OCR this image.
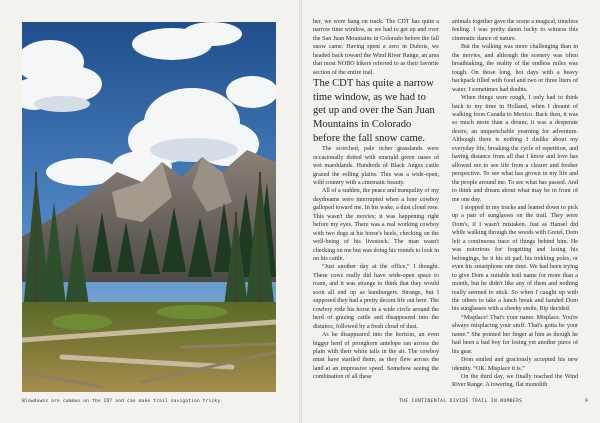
Blowdowns are common on the CDT and can make trail navigation tricky.

her, we were bang on track. The CDT has quite a narrow time window, as we had to get up and over the San Juan Mountains in Colorado before the fall snow came. Having spent a zero in Dubois, we headed back toward the Wind River Range, an area that most NOBO hikers referred to as their favorite section of the entire trail.

The CDT has quite a narrow time window, as we had to get up and over the San Juan Mountains in Colorado before the fall snow came.

The scorched, pale ocher grasslands were occasionally dotted with emerald green oases of wet marshlands. Hundreds of Black Angus cattle grazed the rolling plains. This was a wide-open, wild country with a cinematic beauty.

All of a sudden, the peace and tranquility of my daydreams were interrupted when a lone cowboy galloped toward me. In his wake, a dust cloud rose. This wasn't the movies; it was happening right before my eyes. There was a real working cowboy with two dogs at his horse's heels, checking on the well-being of his livestock. The man wasn't checking on me but was doing his rounds to look in on his cattle.

“Just another day at the office,” I thought. These cows really did have wide-open space to roam, and it was strange to think that they would soon all end up as hamburgers. Strange, but I supposed they had a pretty decent life out here. The cowboy rode his horse in a wide circle around the herd of grazing cattle and disappeared into the distance, followed by a fresh cloud of dust.

As he disappeared into the horizon, an even bigger herd of pronghorn antelope ran across the plain with their white tails in the air. The cowboy must have startled them, as they flew across the land at an impressive speed. Somehow seeing the combination of all these

animals together gave the scene a magical, timeless feeling. I was pretty damn lucky to witness this cinematic dance of nature.

But the walking was more challenging than in the movies, and although the scenery was often breathtaking, the reality of the endless miles was tough. On those long, hot days with a heavy backpack filled with food and two or three liters of water, I sometimes had doubts.

When things were rough, I only had to think back to my time in Holland, when I dreamt of walking from Canada to Mexico. Back then, it was so much more than a dream; it was a desperate desire, an unquenchable yearning for adventure. Although there is nothing I dislike about my everyday life, breaking the cycle of repetition, and having distance from all that I know and love has allowed me to see life from a clearer and fresher perspective. To see what has grown in my life and the people around me. To see what has passed. And to think and dream about what may be in front of me one day.

I stopped in my tracks and leaned down to pick up a pair of sunglasses on the trail. They were Dom's, if I wasn't mistaken. Just as Hansel did while walking through the woods with Gretel, Dom left a continuous trace of things behind him. He was notorious for forgetting and losing his belongings, be it his sit pad, his trekking poles, or even his smartphone one time. We had been trying to give Dom a suitable trail name for more than a month, but he didn't like any of them and nothing really seemed to stick. So when I caught up with the others to take a lunch break and handed Dom his sunglasses with a cheeky smile, Rip decided.

“Misplace! That's your name. Misplace. You're always misplacing your stuff. That's gotta be your name.” She pointed her finger at him as though he had been a bad boy for losing yet another piece of his gear.

Dom smiled and graciously accepted his new identity. “OK. Misplace it is.”

On the third day, we finally reached the Wind River Range. A towering, flat monolith

THE CONTINENTAL DIVIDE TRAIL IN NUMBERS	9
